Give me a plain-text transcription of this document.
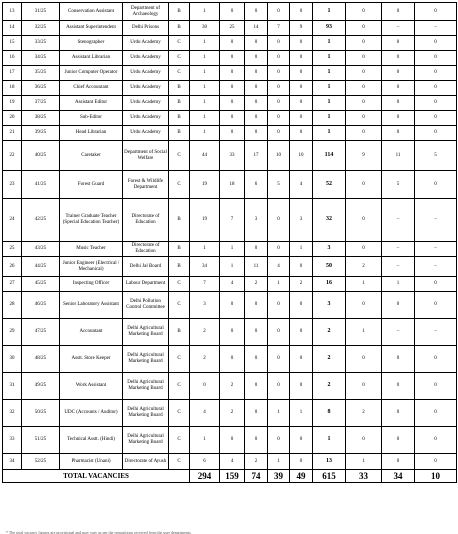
13	31/25	Conservation Assistant	Department of Archaeology	B	1	0	0	0	0	1	0	0	0
14	32/25	Assistant Superintendent	Delhi Prisons	B	30	25	14	7	9	93	0	–	–
15	33/25	Stenographer	Urdu Academy	C	1	0	0	0	0	1	0	0	0
16	34/25	Assistant Librarian	Urdu Academy	C	1	0	0	0	0	1	0	0	0
17	35/25	Junior Computer Operator	Urdu Academy	C	1	0	0	0	0	1	0	0	0
18	36/25	Chief Accountant	Urdu Academy	B	1	0	0	0	0	1	0	0	0
19	37/25	Assistant Editor	Urdu Academy	B	1	0	0	0	0	1	0	0	0
20	38/25	Sub-Editor	Urdu Academy	B	1	0	0	0	0	1	0	0	0
21	39/25	Head Librarian	Urdu Academy	B	1	0	0	0	0	1	0	0	0
22	40/25	Caretaker	Department of Social Welfare	C	44	33	17	10	10	114	9	11	5
23	41/25	Forest Guard	Forest & Wildlife Department	C	19	18	6	5	4	52	0	5	0
24	42/25	Trainer Graduate Teacher (Special Education Teacher)	Directorate of Education	B	19	7	3	0	3	32	0	–	–
25	43/25	Music Teacher	Directorate of Education	B	1	1	0	0	1	3	0	–	–
26	44/25	Junior Engineer (Electrical / Mechanical)	Delhi Jal Board	B	34	1	11	4	0	50	2	–	–
27	45/25	Inspecting Officer	Labour Department	C	7	4	2	1	2	16	1	1	0
28	46/25	Senior Laboratory Assistant	Delhi Pollution Control Committee	C	3	0	0	0	0	3	0	0	0
29	47/25	Accountant	Delhi Agricultural Marketing Board	B	2	0	0	0	0	2	1	–	–
30	48/25	Asstt. Store Keeper	Delhi Agricultural Marketing Board	C	2	0	0	0	0	2	0	0	0
31	49/25	Work Assistant	Delhi Agricultural Marketing Board	C	0	2	0	0	0	2	0	0	0
32	50/25	UDC (Accounts / Auditor)	Delhi Agricultural Marketing Board	C	4	2	0	1	1	8	2	0	0
33	51/25	Technical Asstt. (Hindi)	Delhi Agricultural Marketing Board	C	1	0	0	0	0	1	0	0	0
34	52/25	Pharmacist (Unani)	Directorate of Ayush	C	6	4	2	1	0	13	1	0	0
TOTAL VACANCIES					294	159	74	39	49	615	33	34	10
* The total vacancy figures are provisional and may vary as per the requisitions received from the user departments.
